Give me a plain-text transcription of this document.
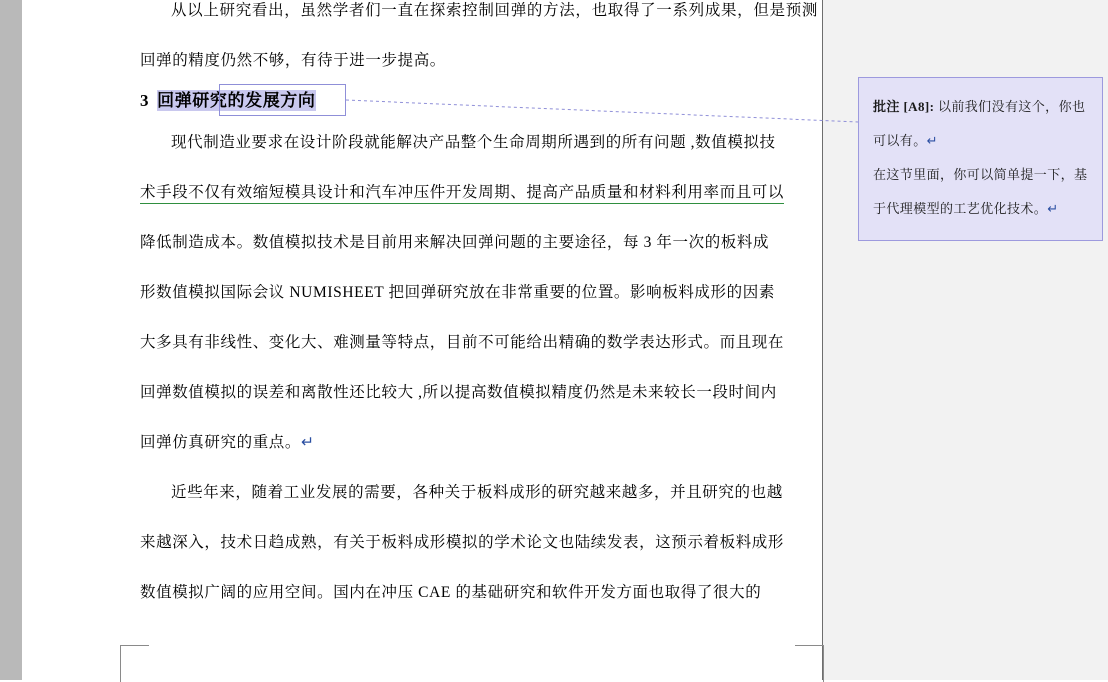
从以上研究看出，虽然学者们一直在探索控制回弹的方法，也取得了一系列成果，但是预测回弹的精度仍然不够，有待于进一步提高。
3 回弹研究的发展方向
现代制造业要求在设计阶段就能解决产品整个生命周期所遇到的所有问题 ,数值模拟技
术手段不仅有效缩短模具设计和汽车冲压件开发周期、提高产品质量和材料利用率而且可以
降低制造成本。数值模拟技术是目前用来解决回弹问题的主要途径，每 3 年一次的板料成
形数值模拟国际会议 NUMISHEET 把回弹研究放在非常重要的位置。影响板料成形的因素
大多具有非线性、变化大、难测量等特点，目前不可能给出精确的数学表达形式。而且现在
回弹数值模拟的误差和离散性还比较大 ,所以提高数值模拟精度仍然是未来较长一段时间内
回弹仿真研究的重点。↵
近些年来，随着工业发展的需要，各种关于板料成形的研究越来越多，并且研究的也越
来越深入，技术日趋成熟，有关于板料成形模拟的学术论文也陆续发表，这预示着板料成形
数值模拟广阔的应用空间。国内在冲压 CAE 的基础研究和软件开发方面也取得了很大的
批注 [A8]: 以前我们没有这个，你也
可以有。↵
在这节里面，你可以简单提一下，基
于代理模型的工艺优化技术。↵
